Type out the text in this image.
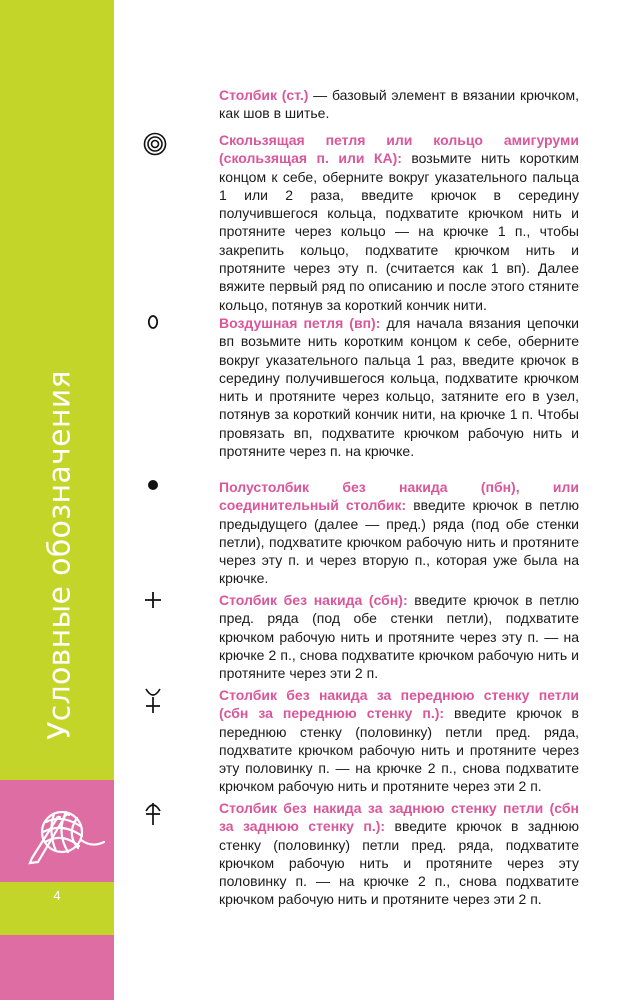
Условные обозначения
4
Столбик (ст.) — базовый элемент в вязании крючком, как шов в шитье.
Скользящая петля или кольцо амигуруми (скользящая п. или КА): возьмите нить коротким концом к себе, оберните вокруг указательного пальца 1 или 2 раза, введите крючок в середину получившегося кольца, подхватите крючком нить и протяните через кольцо — на крючке 1 п., чтобы закрепить кольцо, подхватите крючком нить и протяните через эту п. (считается как 1 вп). Далее вяжите первый ряд по описанию и после этого стяните кольцо, потянув за короткий кончик нити.
Воздушная петля (вп): для начала вязания цепочки вп возьмите нить коротким концом к себе, оберните вокруг указательного пальца 1 раз, введите крючок в середину получившегося кольца, подхватите крючком нить и протяните через кольцо, затяните его в узел, потянув за короткий кончик нити, на крючке 1 п. Чтобы провязать вп, подхватите крючком рабочую нить и протяните через п. на крючке.
Полустолбик без накида (пбн), или соединительный столбик: введите крючок в петлю предыдущего (далее — пред.) ряда (под обе стенки петли), подхватите крючком рабочую нить и протяните через эту п. и через вторую п., которая уже была на крючке.
Столбик без накида (сбн): введите крючок в петлю пред. ряда (под обе стенки петли), подхватите крючком рабочую нить и протяните через эту п. — на крючке 2 п., снова подхватите крючком рабочую нить и протяните через эти 2 п.
Столбик без накида за переднюю стенку петли (сбн за переднюю стенку п.): введите крючок в переднюю стенку (половинку) петли пред. ряда, подхватите крючком рабочую нить и протяните через эту половинку п. — на крючке 2 п., снова подхватите крючком рабочую нить и протяните через эти 2 п.
Столбик без накида за заднюю стенку петли (сбн за заднюю стенку п.): введите крючок в заднюю стенку (половинку) петли пред. ряда, подхватите крючком рабочую нить и протяните через эту половинку п. — на крючке 2 п., снова подхватите крючком рабочую нить и протяните через эти 2 п.
